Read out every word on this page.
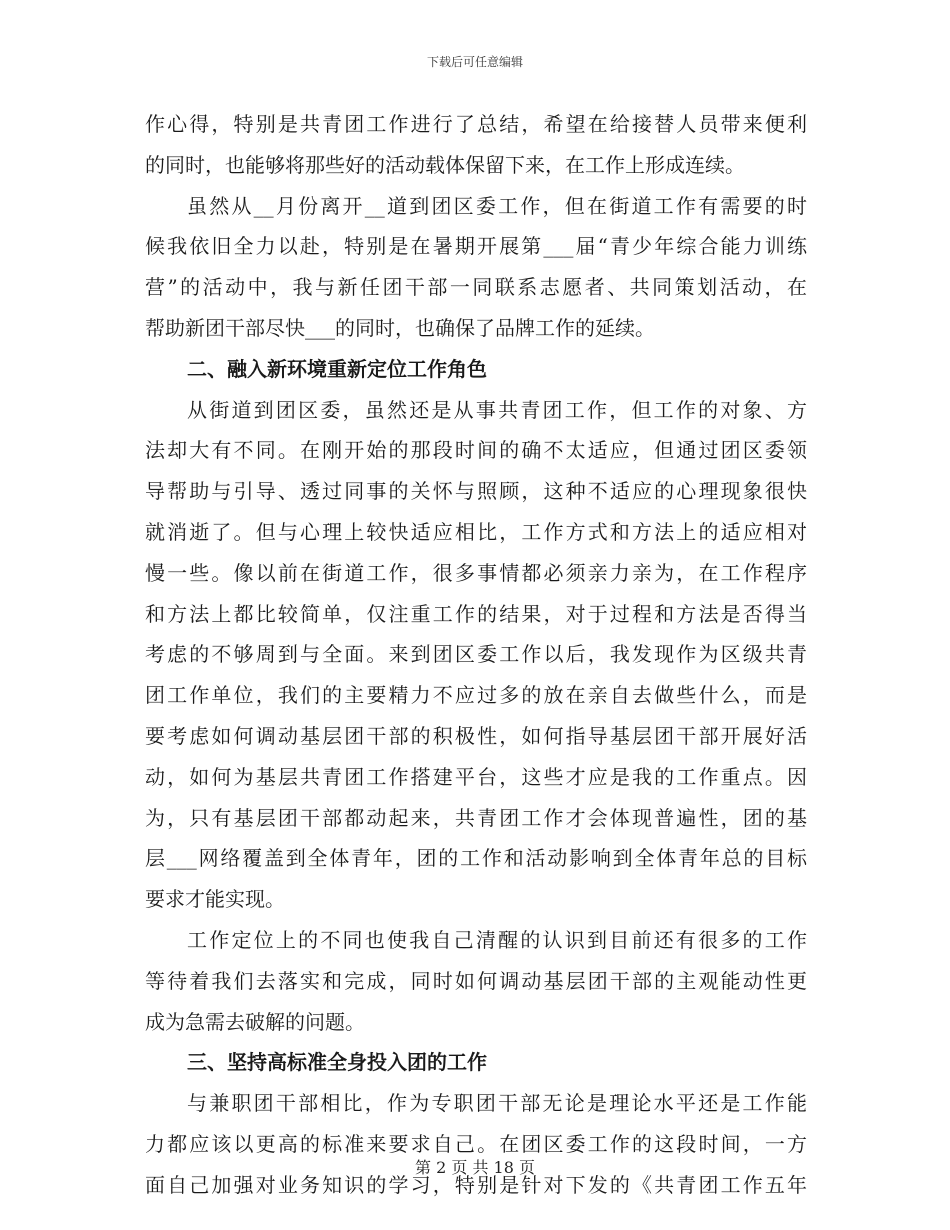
下载后可任意编辑
作心得，特别是共青团工作进行了总结，希望在给接替人员带来便利
的同时，也能够将那些好的活动载体保留下来，在工作上形成连续。
虽然从__月份离开__道到团区委工作，但在街道工作有需要的时
候我依旧全力以赴，特别是在暑期开展第___届“青少年综合能力训练
营”的活动中，我与新任团干部一同联系志愿者、共同策划活动，在
帮助新团干部尽快___的同时，也确保了品牌工作的延续。
二、融入新环境重新定位工作角色
从街道到团区委，虽然还是从事共青团工作，但工作的对象、方
法却大有不同。在刚开始的那段时间的确不太适应，但通过团区委领
导帮助与引导、透过同事的关怀与照顾，这种不适应的心理现象很快
就消逝了。但与心理上较快适应相比，工作方式和方法上的适应相对
慢一些。像以前在街道工作，很多事情都必须亲力亲为，在工作程序
和方法上都比较简单，仅注重工作的结果，对于过程和方法是否得当
考虑的不够周到与全面。来到团区委工作以后，我发现作为区级共青
团工作单位，我们的主要精力不应过多的放在亲自去做些什么，而是
要考虑如何调动基层团干部的积极性，如何指导基层团干部开展好活
动，如何为基层共青团工作搭建平台，这些才应是我的工作重点。因
为，只有基层团干部都动起来，共青团工作才会体现普遍性，团的基
层___网络覆盖到全体青年，团的工作和活动影响到全体青年总的目标
要求才能实现。
工作定位上的不同也使我自己清醒的认识到目前还有很多的工作
等待着我们去落实和完成，同时如何调动基层团干部的主观能动性更
成为急需去破解的问题。
三、坚持高标准全身投入团的工作
与兼职团干部相比，作为专职团干部无论是理论水平还是工作能
力都应该以更高的标准来要求自己。在团区委工作的这段时间，一方
面自己加强对业务知识的学习，特别是针对下发的《共青团工作五年
第 2 页 共 18 页
